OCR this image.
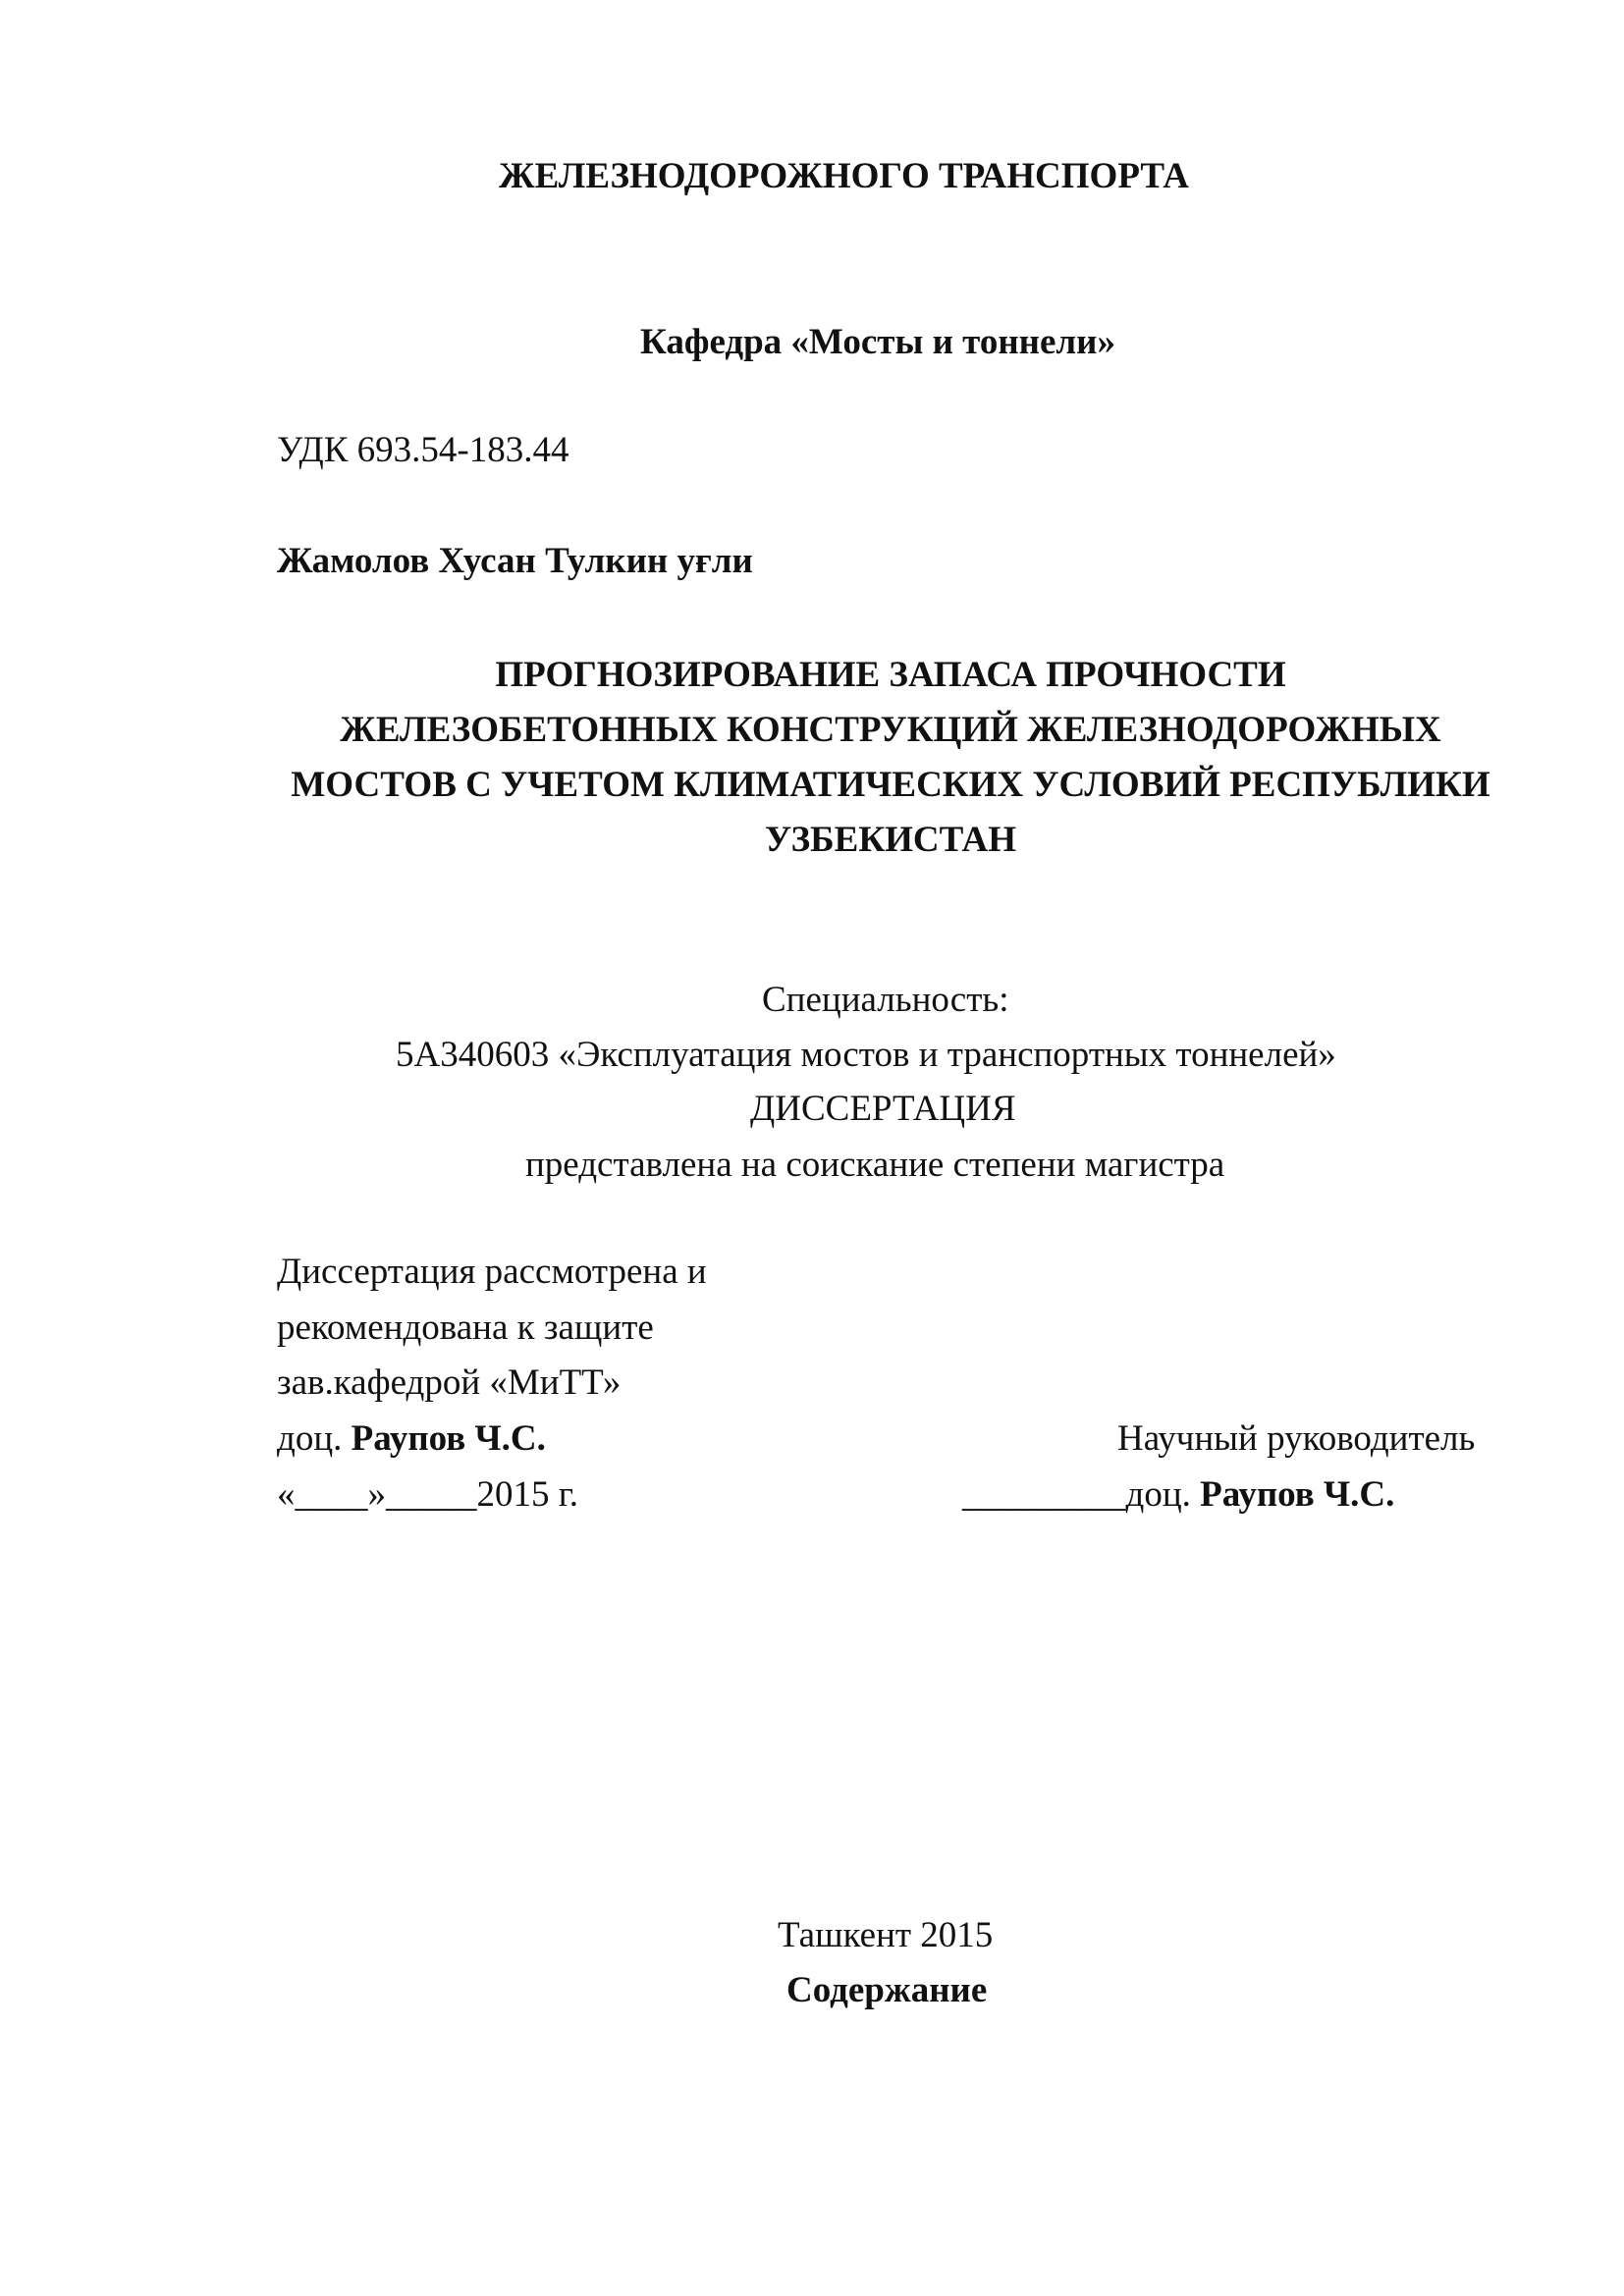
ЖЕЛЕЗНОДОРОЖНОГО ТРАНСПОРТА
Кафедра «Мосты и тоннели»
УДК 693.54-183.44
Жамолов Хусан Тулкин уғли
ПРОГНОЗИРОВАНИЕ ЗАПАСА ПРОЧНОСТИ
ЖЕЛЕЗОБЕТОННЫХ КОНСТРУКЦИЙ ЖЕЛЕЗНОДОРОЖНЫХ
МОСТОВ С УЧЕТОМ КЛИМАТИЧЕСКИХ УСЛОВИЙ РЕСПУБЛИКИ
УЗБЕКИСТАН
Специальность:
5А340603 «Эксплуатация мостов и транспортных тоннелей»
ДИССЕРТАЦИЯ
представлена на соискание степени магистра
Диссертация рассмотрена и
рекомендована к защите
зав.кафедрой «МиТТ»
доц. Раупов Ч.С.
«____»_____2015 г.
Научный руководитель
_________доц. Раупов Ч.С.
Ташкент 2015
Содержание
